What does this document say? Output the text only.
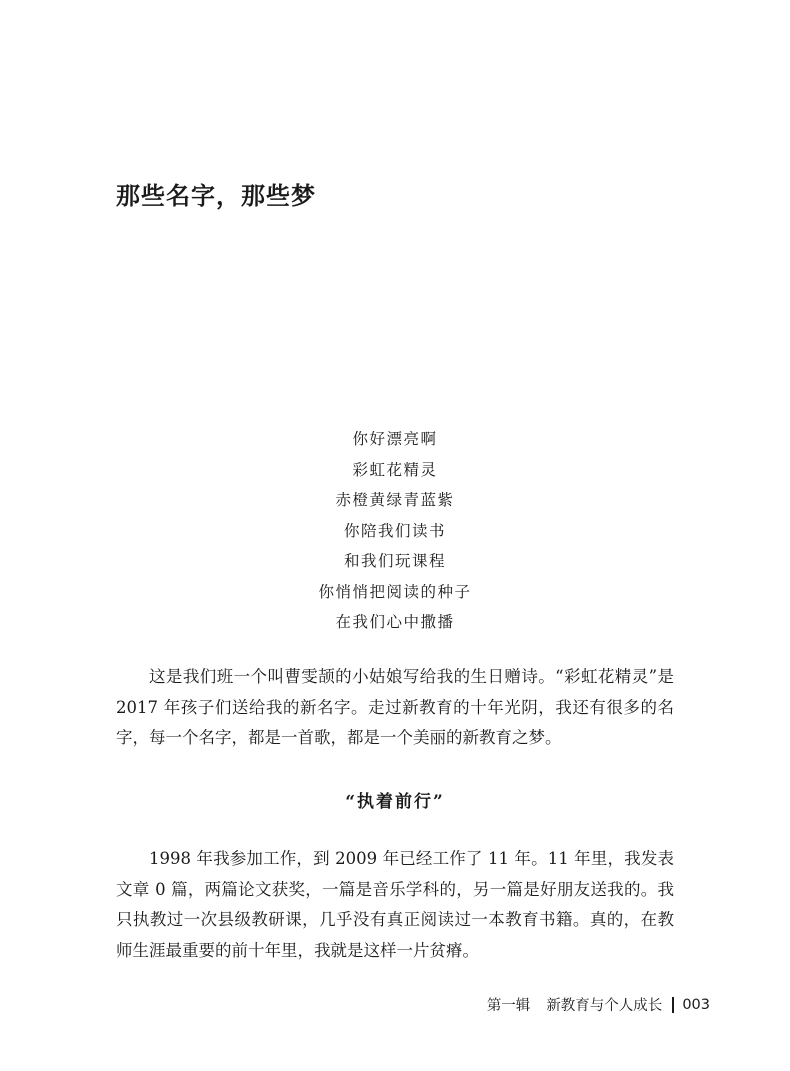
那些名字，那些梦
你好漂亮啊
彩虹花精灵
赤橙黄绿青蓝紫
你陪我们读书
和我们玩课程
你悄悄把阅读的种子
在我们心中撒播

这是我们班一个叫曹雯颉的小姑娘写给我的生日赠诗。“彩虹花精灵”是2017 年孩子们送给我的新名字。走过新教育的十年光阴，我还有很多的名字，每一个名字，都是一首歌，都是一个美丽的新教育之梦。

“执着前行”

1998 年我参加工作，到 2009 年已经工作了 11 年。11 年里，我发表文章 0 篇，两篇论文获奖，一篇是音乐学科的，另一篇是好朋友送我的。我只执教过一次县级教研课，几乎没有真正阅读过一本教育书籍。真的，在教师生涯最重要的前十年里，我就是这样一片贫瘠。

第一辑 新教育与个人成长 003
